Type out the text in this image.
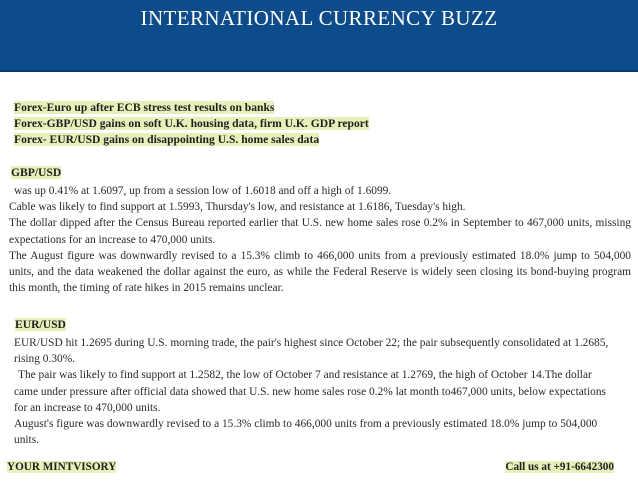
INTERNATIONAL CURRENCY BUZZ
Forex-Euro up after ECB stress test results on banks
Forex-GBP/USD gains on soft U.K. housing data, firm U.K. GDP report
Forex- EUR/USD gains on disappointing U.S. home sales data
GBP/USD

was up 0.41% at 1.6097, up from a session low of 1.6018 and off a high of 1.6099.

Cable was likely to find support at 1.5993, Thursday's low, and resistance at 1.6186, Tuesday's high.

The dollar dipped after the Census Bureau reported earlier that U.S. new home sales rose 0.2% in September to 467,000 units, missing expectations for an increase to 470,000 units.

The August figure was downwardly revised to a 15.3% climb to 466,000 units from a previously estimated 18.0% jump to 504,000 units, and the data weakened the dollar against the euro, as while the Federal Reserve is widely seen closing its bond-buying program this month, the timing of rate hikes in 2015 remains unclear.

EUR/USD

EUR/USD hit 1.2695 during U.S. morning trade, the pair's highest since October 22; the pair subsequently consolidated at 1.2685, rising 0.30%.

The pair was likely to find support at 1.2582, the low of October 7 and resistance at 1.2769, the high of October 14.The dollar came under pressure after official data showed that U.S. new home sales rose 0.2% lat month to467,000 units, below expectations for an increase to 470,000 units.

August's figure was downwardly revised to a 15.3% climb to 466,000 units from a previously estimated 18.0% jump to 504,000 units.

YOUR MINTVISORY	Call us at +91-6642300
